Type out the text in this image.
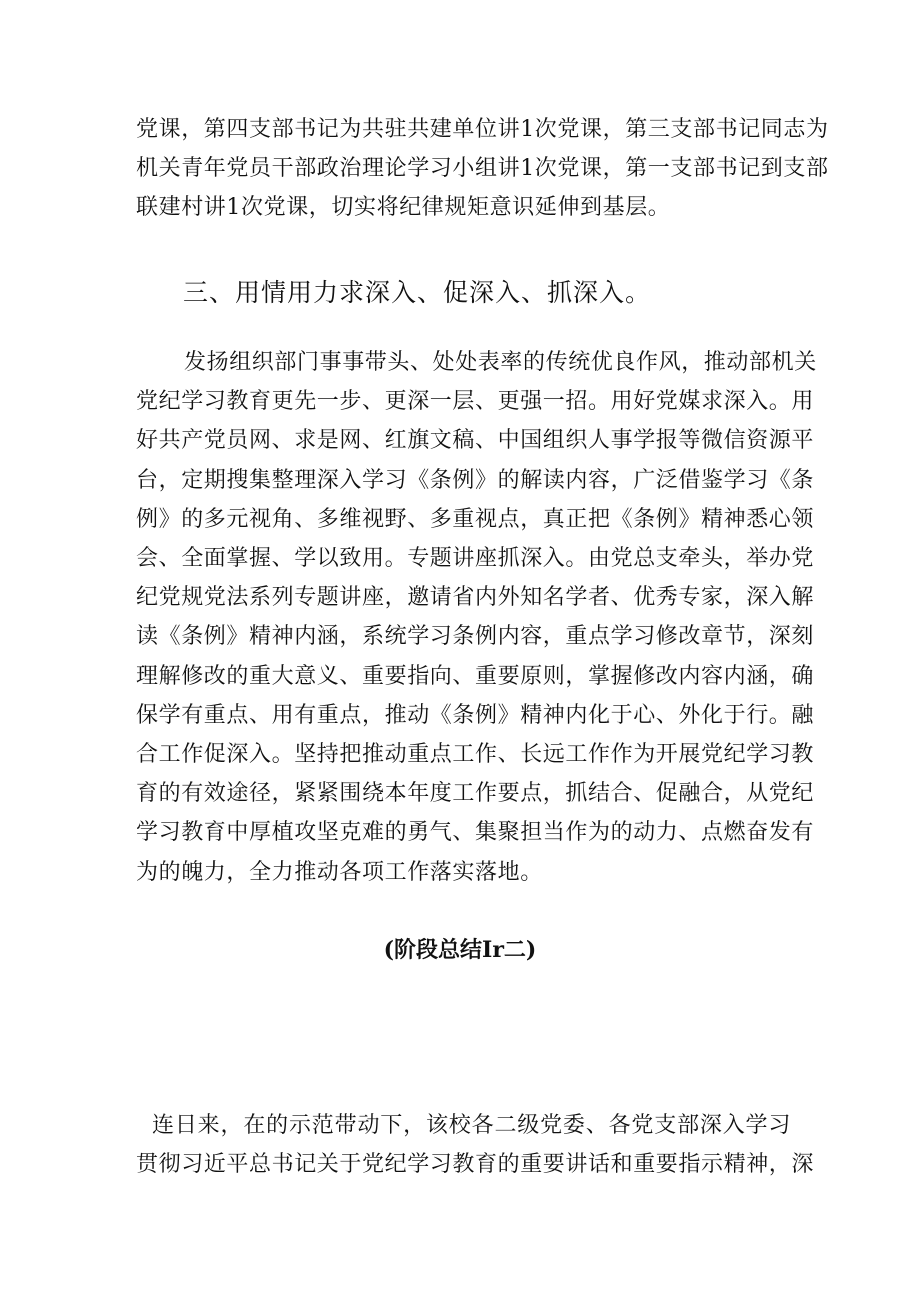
党课，第四支部书记为共驻共建单位讲1次党课，第三支部书记同志为
机关青年党员干部政治理论学习小组讲1次党课，第一支部书记到支部
联建村讲1次党课，切实将纪律规矩意识延伸到基层。

三、用情用力求深入、促深入、抓深入。

发扬组织部门事事带头、处处表率的传统优良作风，推动部机关
党纪学习教育更先一步、更深一层、更强一招。用好党媒求深入。用
好共产党员网、求是网、红旗文稿、中国组织人事学报等微信资源平
台，定期搜集整理深入学习《条例》的解读内容，广泛借鉴学习《条
例》的多元视角、多维视野、多重视点，真正把《条例》精神悉心领
会、全面掌握、学以致用。专题讲座抓深入。由党总支牵头，举办党
纪党规党法系列专题讲座，邀请省内外知名学者、优秀专家，深入解
读《条例》精神内涵，系统学习条例内容，重点学习修改章节，深刻
理解修改的重大意义、重要指向、重要原则，掌握修改内容内涵，确
保学有重点、用有重点，推动《条例》精神内化于心、外化于行。融
合工作促深入。坚持把推动重点工作、长远工作作为开展党纪学习教
育的有效途径，紧紧围绕本年度工作要点，抓结合、促融合，从党纪
学习教育中厚植攻坚克难的勇气、集聚担当作为的动力、点燃奋发有
为的魄力，全力推动各项工作落实落地。

(阶段总结Ir二)

连日来，在的示范带动下，该校各二级党委、各党支部深入学习
贯彻习近平总书记关于党纪学习教育的重要讲话和重要指示精神，深
